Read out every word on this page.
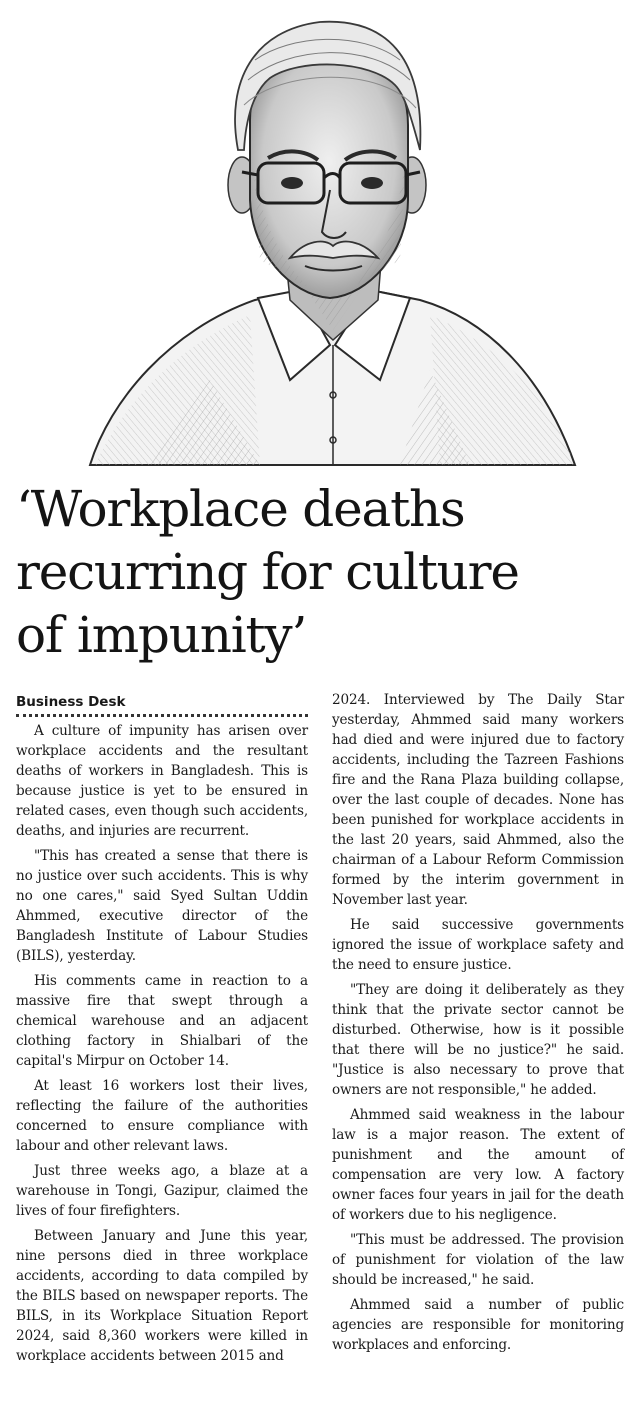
‘Workplace deaths
recurring for culture
of impunity’
Business Desk

A culture of impunity has arisen over workplace accidents and the resultant deaths of workers in Bangladesh. This is because justice is yet to be ensured in related cases, even though such accidents, deaths, and injuries are recurrent.

"This has created a sense that there is no justice over such accidents. This is why no one cares," said Syed Sultan Uddin Ahmmed, executive director of the Bangladesh Institute of Labour Studies (BILS), yesterday.

His comments came in reaction to a massive fire that swept through a chemical warehouse and an adjacent clothing factory in Shialbari of the capital's Mirpur on October 14.

At least 16 workers lost their lives, reflecting the failure of the authorities concerned to ensure compliance with labour and other relevant laws.

Just three weeks ago, a blaze at a warehouse in Tongi, Gazipur, claimed the lives of four firefighters.

Between January and June this year, nine persons died in three workplace accidents, according to data compiled by the BILS based on newspaper reports. The BILS, in its Workplace Situation Report 2024, said 8,360 workers were killed in workplace accidents between 2015 and

2024. Interviewed by The Daily Star yesterday, Ahmmed said many workers had died and were injured due to factory accidents, including the Tazreen Fashions fire and the Rana Plaza building collapse, over the last couple of decades. None has been punished for workplace accidents in the last 20 years, said Ahmmed, also the chairman of a Labour Reform Commission formed by the interim government in November last year.

He said successive governments ignored the issue of workplace safety and the need to ensure justice.

"They are doing it deliberately as they think that the private sector cannot be disturbed. Otherwise, how is it possible that there will be no justice?" he said. "Justice is also necessary to prove that owners are not responsible," he added.

Ahmmed said weakness in the labour law is a major reason. The extent of punishment and the amount of compensation are very low. A factory owner faces four years in jail for the death of workers due to his negligence.

"This must be addressed. The provision of punishment for violation of the law should be increased," he said.

Ahmmed said a number of public agencies are responsible for monitoring workplaces and enforcing.
